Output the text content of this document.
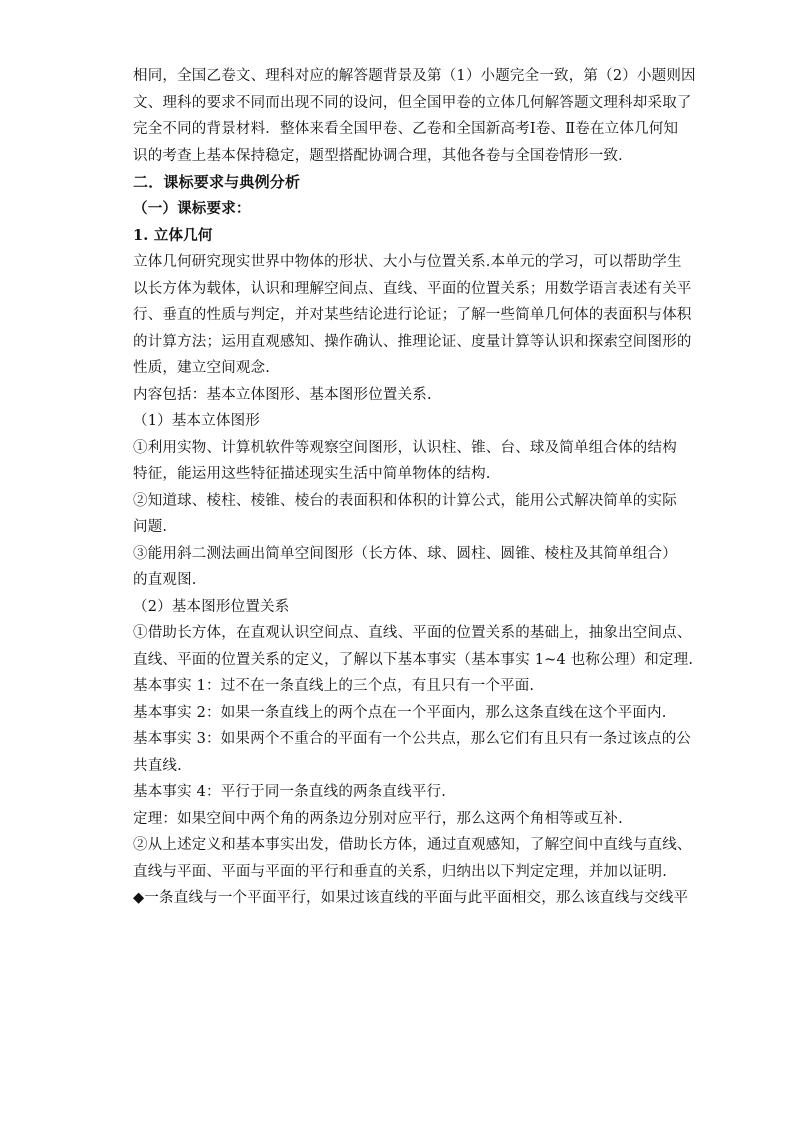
相同，全国乙卷文、理科对应的解答题背景及第（1）小题完全一致，第（2）小题则因

文、理科的要求不同而出现不同的设问，但全国甲卷的立体几何解答题文理科却采取了

完全不同的背景材料．整体来看全国甲卷、乙卷和全国新高考Ⅰ卷、Ⅱ卷在立体几何知

识的考查上基本保持稳定，题型搭配协调合理，其他各卷与全国卷情形一致．

二．课标要求与典例分析

（一）课标要求：

1. 立体几何

立体几何研究现实世界中物体的形状、大小与位置关系.本单元的学习，可以帮助学生

以长方体为载体，认识和理解空间点、直线、平面的位置关系；用数学语言表述有关平

行、垂直的性质与判定，并对某些结论进行论证；了解一些简单几何体的表面积与体积

的计算方法；运用直观感知、操作确认、推理论证、度量计算等认识和探索空间图形的

性质，建立空间观念.

内容包括：基本立体图形、基本图形位置关系.

（1）基本立体图形

①利用实物、计算机软件等观察空间图形，认识柱、锥、台、球及简单组合体的结构

特征，能运用这些特征描述现实生活中简单物体的结构.

②知道球、棱柱、棱锥、棱台的表面积和体积的计算公式，能用公式解决简单的实际

问题.

③能用斜二测法画出简单空间图形（长方体、球、圆柱、圆锥、棱柱及其简单组合）

的直观图.

（2）基本图形位置关系

①借助长方体，在直观认识空间点、直线、平面的位置关系的基础上，抽象出空间点、

直线、平面的位置关系的定义，了解以下基本事实（基本事实 1~4 也称公理）和定理.

基本事实 1：过不在一条直线上的三个点，有且只有一个平面.

基本事实 2：如果一条直线上的两个点在一个平面内，那么这条直线在这个平面内.

基本事实 3：如果两个不重合的平面有一个公共点，那么它们有且只有一条过该点的公

共直线.

基本事实 4：平行于同一条直线的两条直线平行.

定理：如果空间中两个角的两条边分别对应平行，那么这两个角相等或互补.

②从上述定义和基本事实出发，借助长方体，通过直观感知，了解空间中直线与直线、

直线与平面、平面与平面的平行和垂直的关系，归纳出以下判定定理，并加以证明.

◆一条直线与一个平面平行，如果过该直线的平面与此平面相交，那么该直线与交线平
